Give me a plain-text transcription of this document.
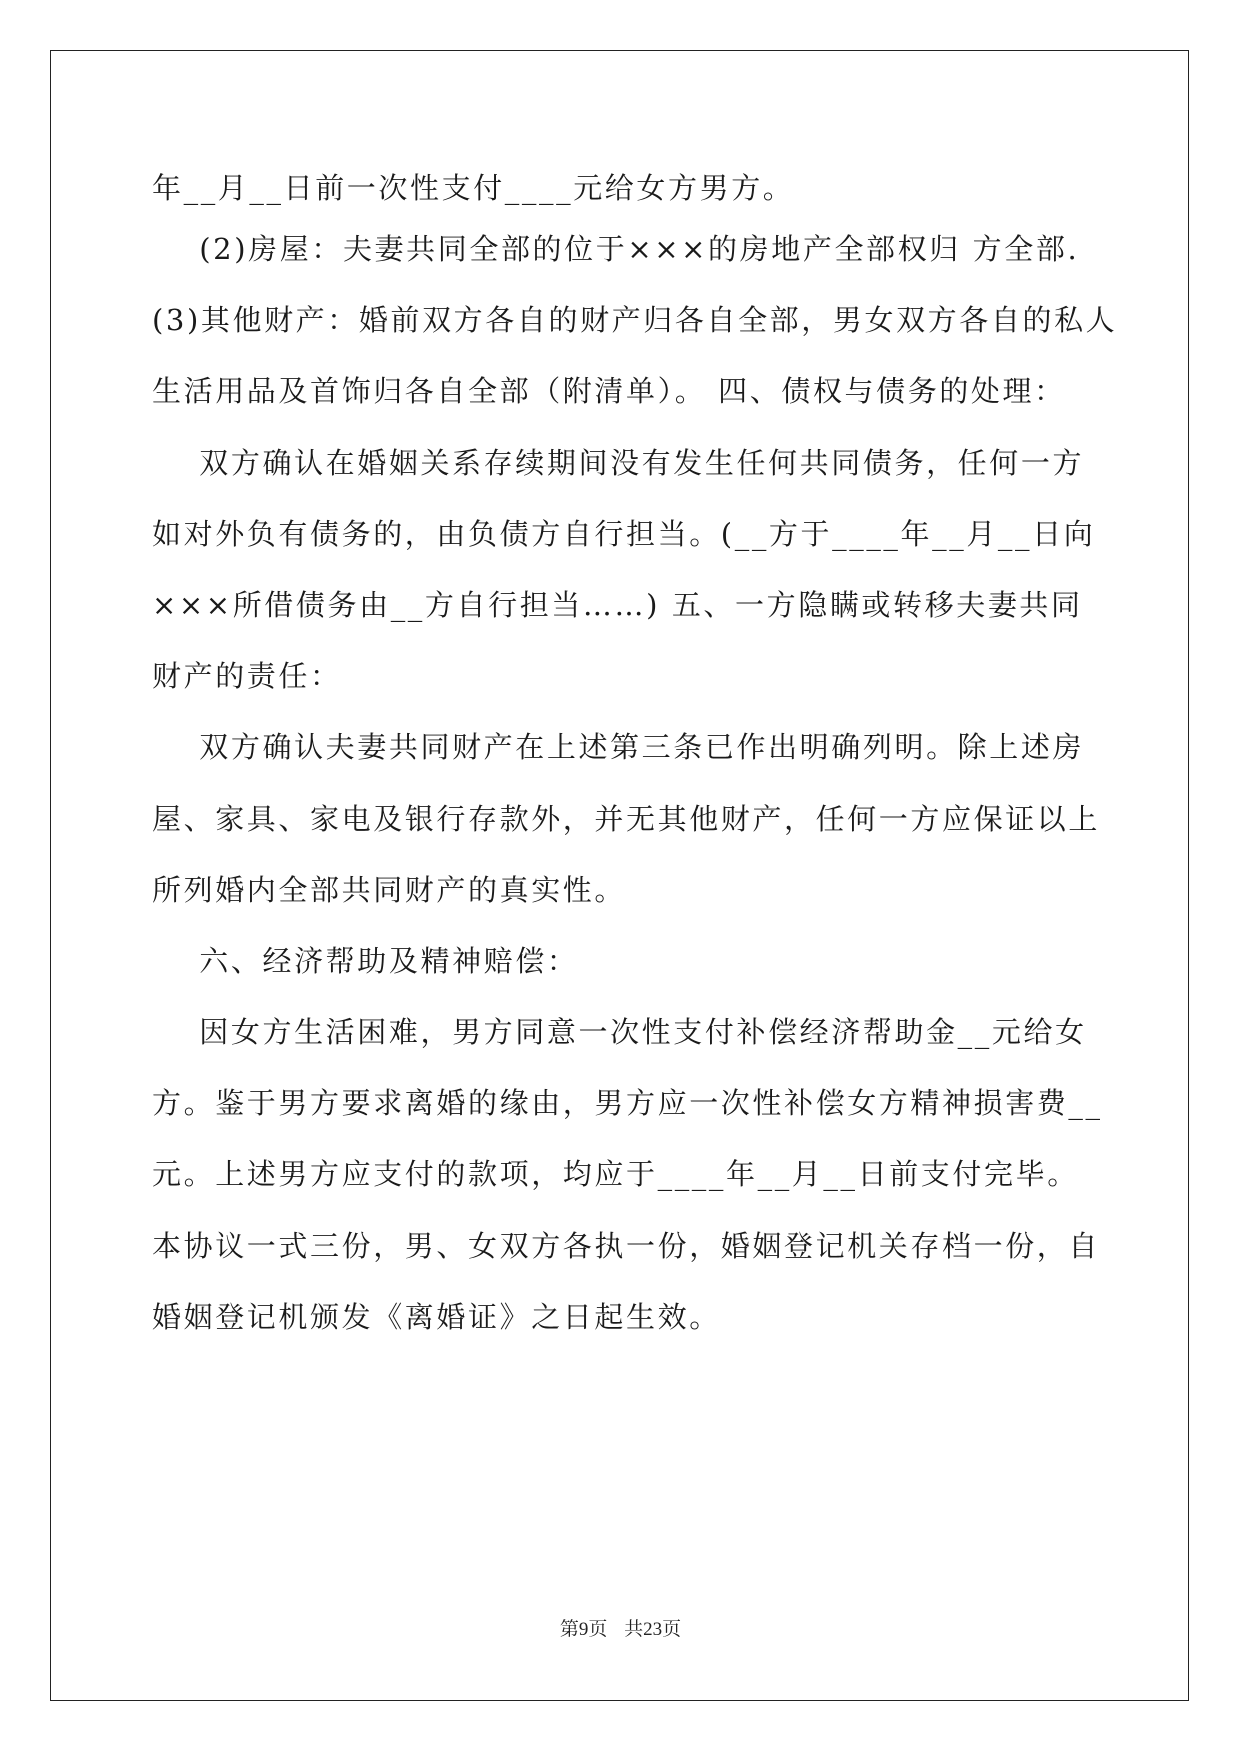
年__月__日前一次性支付____元给女方男方。

(2)房屋：夫妻共同全部的位于×××的房地产全部权归 方全部.

(3)其他财产：婚前双方各自的财产归各自全部，男女双方各自的私人

生活用品及首饰归各自全部（附清单）。 四、债权与债务的处理：

双方确认在婚姻关系存续期间没有发生任何共同债务，任何一方

如对外负有债务的，由负债方自行担当。(__方于____年__月__日向

×××所借债务由__方自行担当……) 五、一方隐瞒或转移夫妻共同

财产的责任：

双方确认夫妻共同财产在上述第三条已作出明确列明。除上述房

屋、家具、家电及银行存款外，并无其他财产，任何一方应保证以上

所列婚内全部共同财产的真实性。

六、经济帮助及精神赔偿：

因女方生活困难，男方同意一次性支付补偿经济帮助金__元给女

方。鉴于男方要求离婚的缘由，男方应一次性补偿女方精神损害费__

元。上述男方应支付的款项，均应于____年__月__日前支付完毕。

本协议一式三份，男、女双方各执一份，婚姻登记机关存档一份，自

婚姻登记机颁发《离婚证》之日起生效。

第9页 共23页
